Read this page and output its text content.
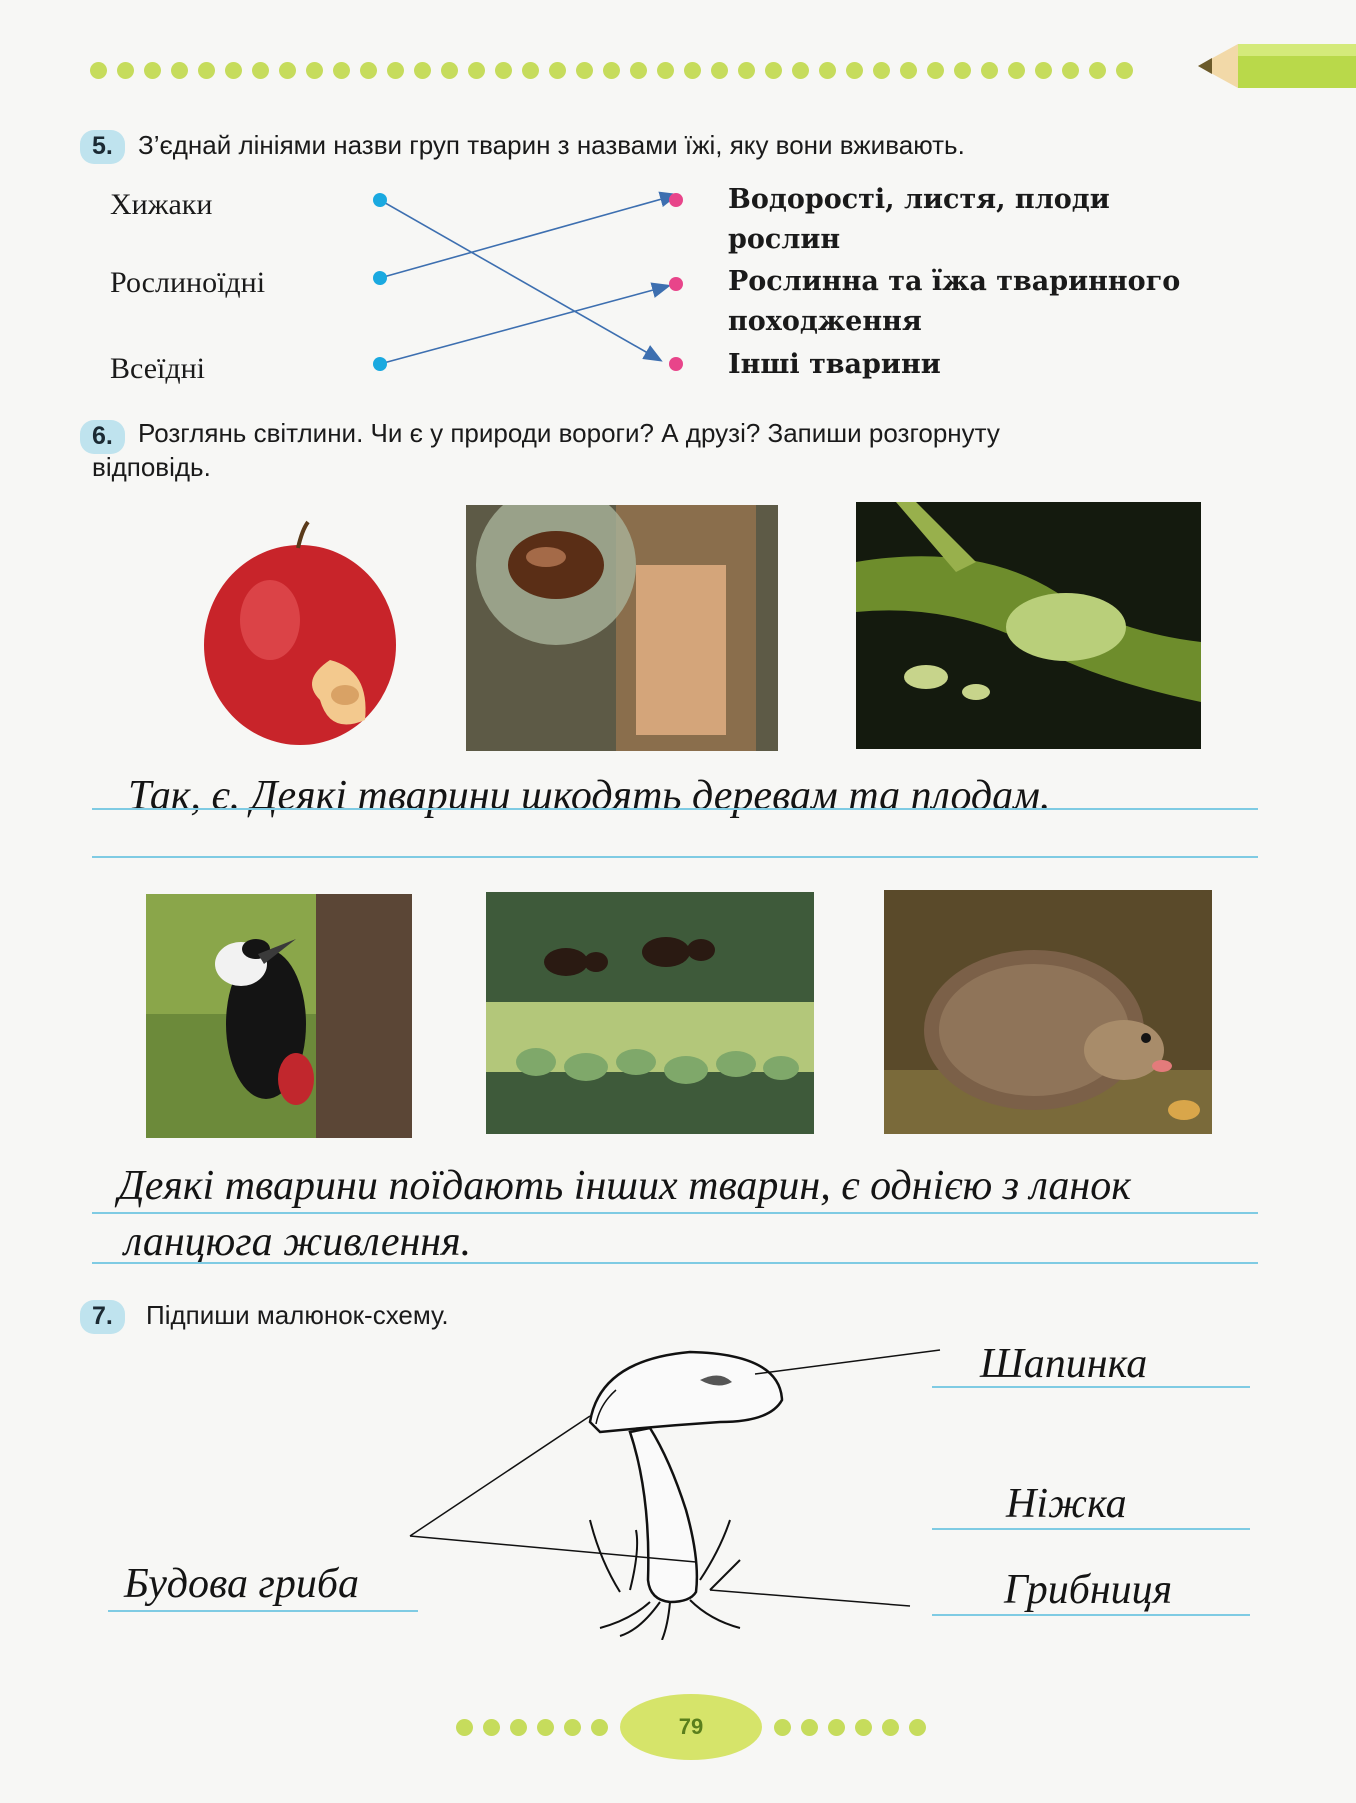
5. З’єднай лініями назви груп тварин з назвами їжі, яку вони вживають.
Хижаки
Рослиноїдні
Всеїдні
Водорості, листя, плоди
рослин
Рослинна та їжа тваринного
походження
Інші тварини
6. Розглянь світлини. Чи є у природи вороги? А друзі? Запиши розгорнуту
відповідь.
Так, є. Деякі тварини шкодять деревам та плодам.
Деякі тварини поїдають інших тварин, є однією з ланок
ланцюга живлення.
7.	Підпиши малюнок-схему.
Шапинка
Ніжка
Грибниця
Будова гриба
79
